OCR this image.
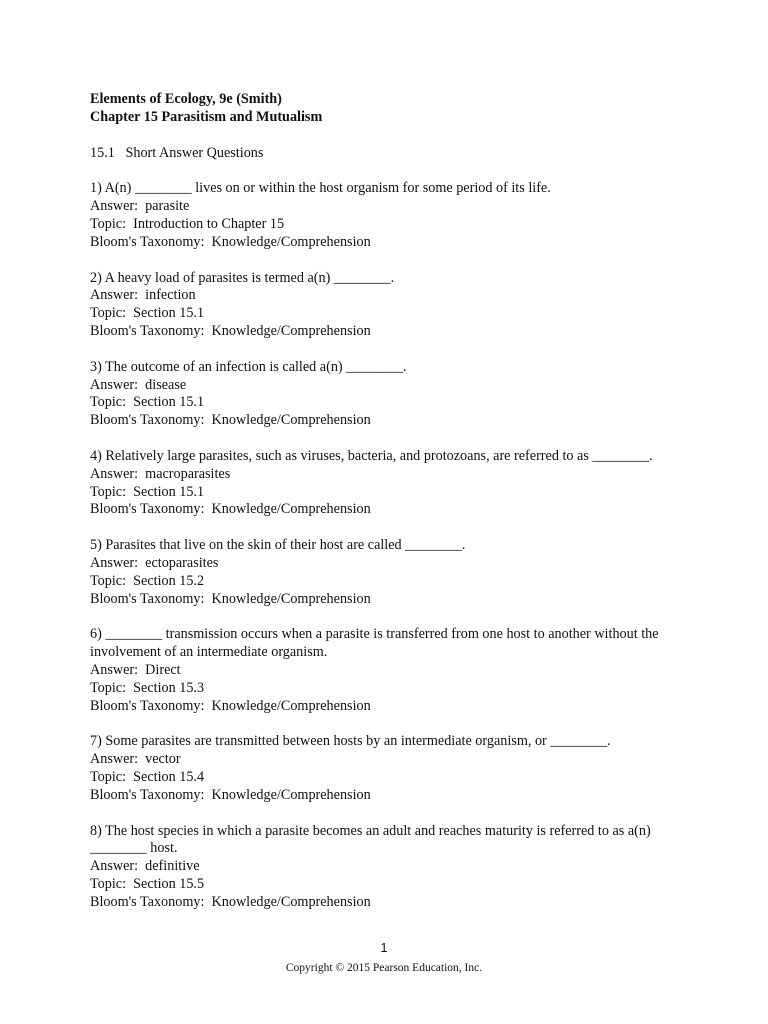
Elements of Ecology, 9e (Smith)
Chapter 15 Parasitism and Mutualism
15.1   Short Answer Questions
1) A(n) ________ lives on or within the host organism for some period of its life.
Answer:  parasite
Topic:  Introduction to Chapter 15
Bloom's Taxonomy:  Knowledge/Comprehension
2) A heavy load of parasites is termed a(n) ________.
Answer:  infection
Topic:  Section 15.1
Bloom's Taxonomy:  Knowledge/Comprehension
3) The outcome of an infection is called a(n) ________.
Answer:  disease
Topic:  Section 15.1
Bloom's Taxonomy:  Knowledge/Comprehension
4) Relatively large parasites, such as viruses, bacteria, and protozoans, are referred to as ________.
Answer:  macroparasites
Topic:  Section 15.1
Bloom's Taxonomy:  Knowledge/Comprehension
5) Parasites that live on the skin of their host are called ________.
Answer:  ectoparasites
Topic:  Section 15.2
Bloom's Taxonomy:  Knowledge/Comprehension
6) ________ transmission occurs when a parasite is transferred from one host to another without the involvement of an intermediate organism.
Answer:  Direct
Topic:  Section 15.3
Bloom's Taxonomy:  Knowledge/Comprehension
7) Some parasites are transmitted between hosts by an intermediate organism, or ________.
Answer:  vector
Topic:  Section 15.4
Bloom's Taxonomy:  Knowledge/Comprehension
8) The host species in which a parasite becomes an adult and reaches maturity is referred to as a(n) ________ host.
Answer:  definitive
Topic:  Section 15.5
Bloom's Taxonomy:  Knowledge/Comprehension
1
Copyright © 2015 Pearson Education, Inc.
